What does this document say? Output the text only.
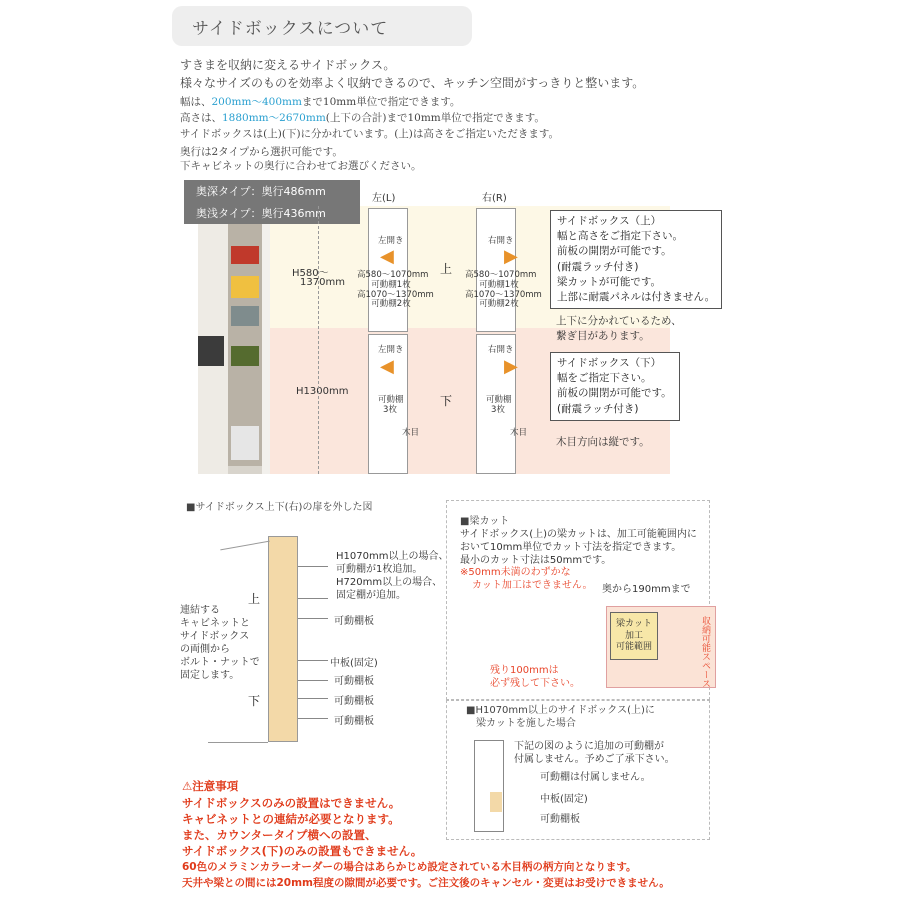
サイドボックスについて
すきまを収納に変えるサイドボックス。
様々なサイズのものを効率よく収納できるので、キッチン空間がすっきりと整います。
幅は、200mm〜400mmまで10mm単位で指定できます。
高さは、1880mm〜2670mm(上下の合計)まで10mm単位で指定できます。
サイドボックスは(上)(下)に分かれています。(上)は高さをご指定いただきます。
奥行は2タイプから選択可能です。
下キャビネットの奥行に合わせてお選びください。
奥深タイプ：奥行486mm
奥浅タイプ：奥行436mm
H580〜
1370mm
H1300mm
左(L)	右(R)
左開き	右開き
◀	▶
高580〜1070mm
可動棚1枚
高1070〜1370mm
可動棚2枚
高580〜1070mm
可動棚1枚
高1070〜1370mm
可動棚2枚
上
下
左開き	右開き
◀	▶
可動棚
3枚
可動棚
3枚
木目	木目
サイドボックス（上）
幅と高さをご指定下さい。
前板の開閉が可能です。
(耐震ラッチ付き)
梁カットが可能です。
上部に耐震パネルは付きません。
上下に分かれているため、
繋ぎ目があります。
サイドボックス（下）
幅をご指定下さい。
前板の開閉が可能です。
(耐震ラッチ付き)
木目方向は縦です。
■サイドボックス上下(右)の扉を外した図
上
下
連結する
キャビネットと
サイドボックス
の両側から
ボルト・ナットで
固定します。
H1070mm以上の場合、
可動棚が1枚追加。
H720mm以上の場合、
固定棚が追加。
可動棚板
中板(固定)
可動棚板
可動棚板
可動棚板
■梁カット
サイドボックス(上)の梁カットは、加工可能範囲内に
おいて10mm単位でカット寸法を指定できます。
最小のカット寸法は50mmです。
※50mm未満のわずかな
カット加工はできません。 奥から190mmまで
梁カット
加工
可能範囲	収納可能スペース
残り100mmは
必ず残して下さい。
■H1070mm以上のサイドボックス(上)に
梁カットを施した場合
下記の図のように追加の可動棚が
付属しません。予めご了承下さい。
可動棚は付属しません。
中板(固定)
可動棚板
⚠注意事項
サイドボックスのみの設置はできません。
キャビネットとの連結が必要となります。
また、カウンタータイプ横への設置、
サイドボックス(下)のみの設置もできません。
60色のメラミンカラーオーダーの場合はあらかじめ設定されている木目柄の柄方向となります。
天井や梁との間には20mm程度の隙間が必要です。ご注文後のキャンセル・変更はお受けできません。
